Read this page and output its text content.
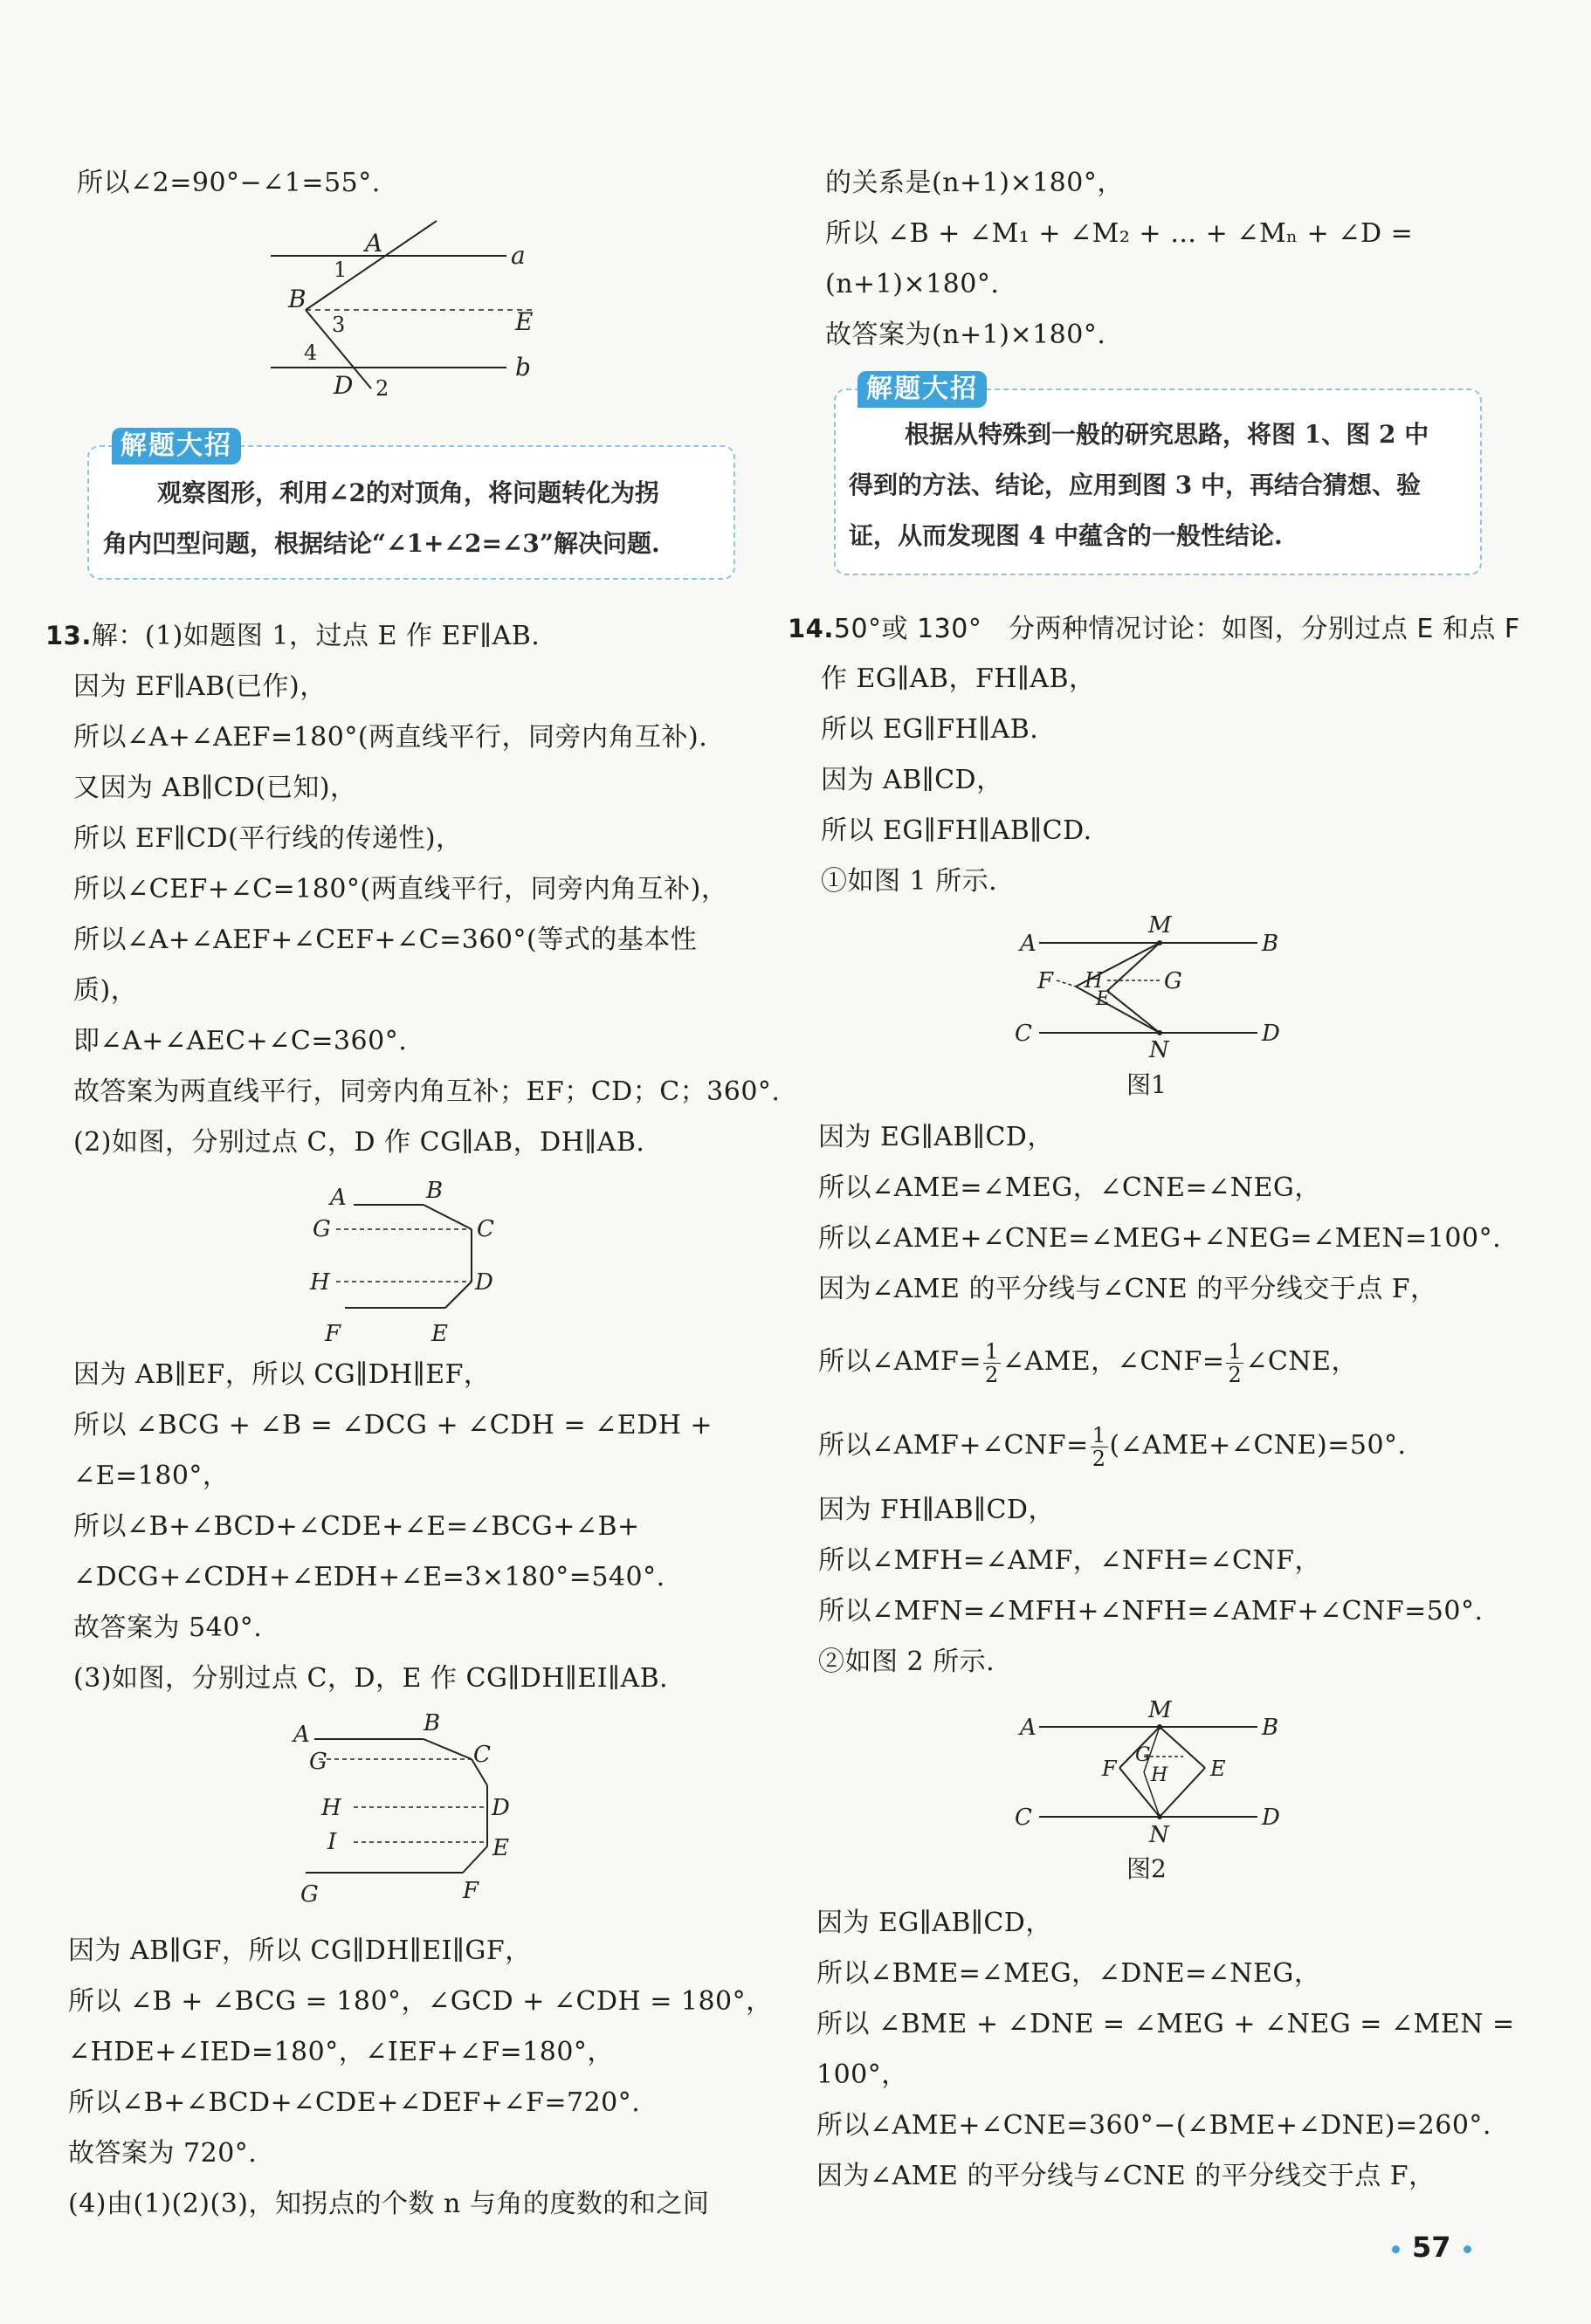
所以∠2=90°−∠1=55°.
A	a
1
B
3	E
4	b
D 2
解题大招
观察图形，利用∠2的对顶角，将问题转化为拐
角内凹型问题，根据结论“∠1+∠2=∠3”解决问题.
13.解：(1)如题图 1，过点 E 作 EF∥AB.
因为 EF∥AB(已作)，
所以∠A+∠AEF=180°(两直线平行，同旁内角互补).
又因为 AB∥CD(已知)，
所以 EF∥CD(平行线的传递性)，
所以∠CEF+∠C=180°(两直线平行，同旁内角互补)，
所以∠A+∠AEF+∠CEF+∠C=360°(等式的基本性
质)，
即∠A+∠AEC+∠C=360°.
故答案为两直线平行，同旁内角互补；EF；CD；C；360°.
(2)如图，分别过点 C，D 作 CG∥AB，DH∥AB.
A	B
G	C
H	D
F	E
因为 AB∥EF，所以 CG∥DH∥EF，
所以 ∠BCG + ∠B = ∠DCG + ∠CDH = ∠EDH +
∠E=180°，
所以∠B+∠BCD+∠CDE+∠E=∠BCG+∠B+
∠DCG+∠CDH+∠EDH+∠E=3×180°=540°.
故答案为 540°.
(3)如图，分别过点 C，D，E 作 CG∥DH∥EI∥AB.
A	B
G	C
H	D
I	E
G	F
因为 AB∥GF，所以 CG∥DH∥EI∥GF，
所以 ∠B + ∠BCG = 180°，∠GCD + ∠CDH = 180°，
∠HDE+∠IED=180°，∠IEF+∠F=180°，
所以∠B+∠BCD+∠CDE+∠DEF+∠F=720°.
故答案为 720°.
(4)由(1)(2)(3)，知拐点的个数 n 与角的度数的和之间
的关系是(n+1)×180°，
所以 ∠B + ∠M₁ + ∠M₂ + … + ∠Mₙ + ∠D =
(n+1)×180°.
故答案为(n+1)×180°.
解题大招
根据从特殊到一般的研究思路，将图 1、图 2 中
得到的方法、结论，应用到图 3 中，再结合猜想、验
证，从而发现图 4 中蕴含的一般性结论.
14.50°或 130°　分两种情况讨论：如图，分别过点 E 和点 F
作 EG∥AB，FH∥AB，
所以 EG∥FH∥AB.
因为 AB∥CD，
所以 EG∥FH∥AB∥CD.
①如图 1 所示.
A
M
B
F H	G
E
C	D
N
图1
因为 EG∥AB∥CD，
所以∠AME=∠MEG，∠CNE=∠NEG，
所以∠AME+∠CNE=∠MEG+∠NEG=∠MEN=100°.
因为∠AME 的平分线与∠CNE 的平分线交于点 F，
所以∠AMF= $\frac{1}{2}$ ∠AME，∠CNF= $\frac{1}{2}$ ∠CNE，
所以∠AMF+∠CNF= $\frac{1}{2}$ (∠AME+∠CNE)=50°.
因为 FH∥AB∥CD，
所以∠MFH=∠AMF，∠NFH=∠CNF，
所以∠MFN=∠MFH+∠NFH=∠AMF+∠CNF=50°.
②如图 2 所示.
A
M
B
F
G
E
H
C	D
N
图2
因为 EG∥AB∥CD，
所以∠BME=∠MEG，∠DNE=∠NEG，
所以 ∠BME + ∠DNE = ∠MEG + ∠NEG = ∠MEN =
100°，
所以∠AME+∠CNE=360°−(∠BME+∠DNE)=260°.
因为∠AME 的平分线与∠CNE 的平分线交于点 F，
57
